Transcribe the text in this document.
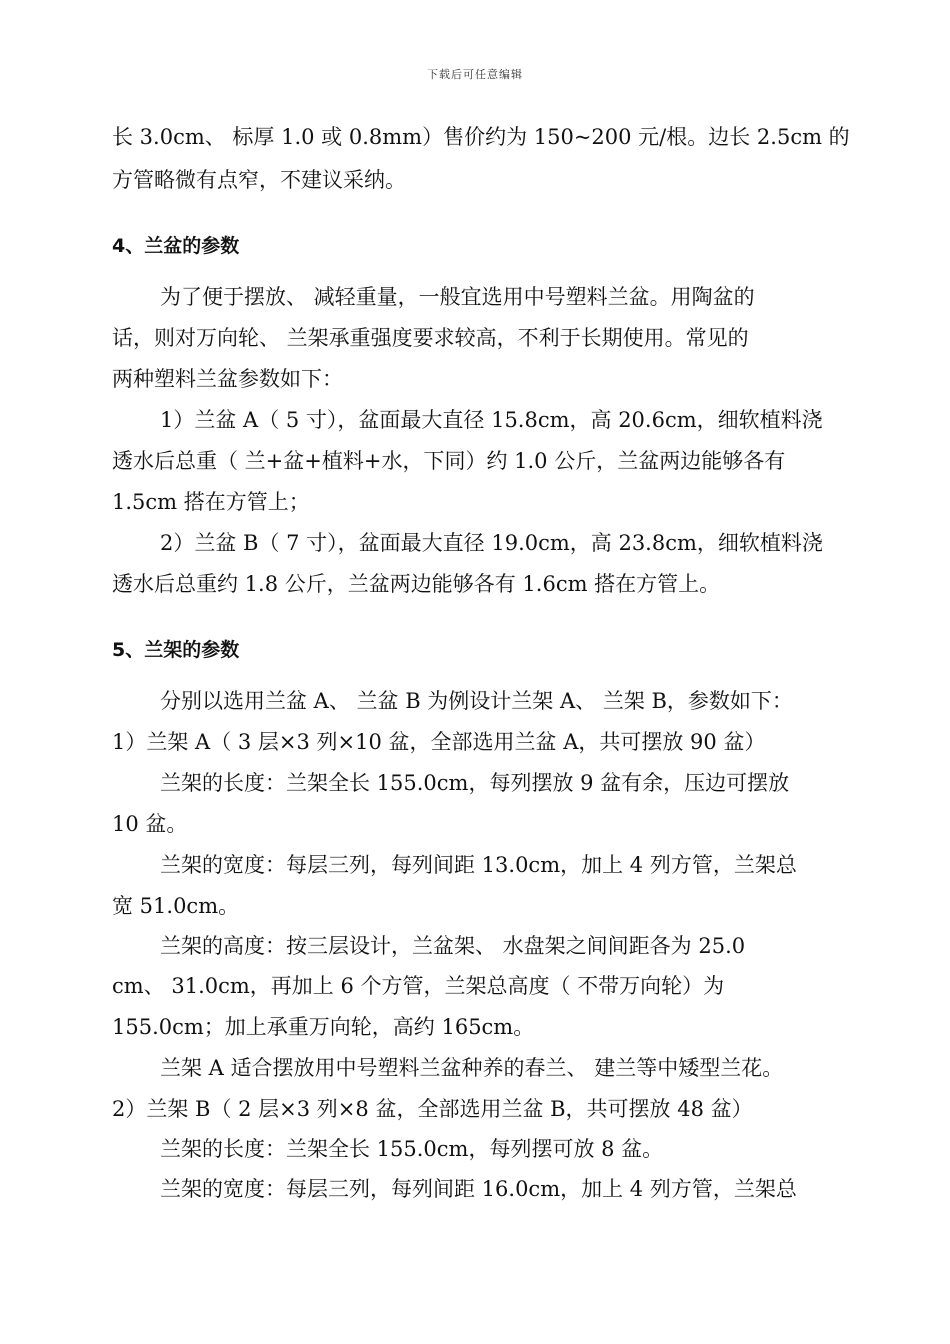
下载后可任意编辑
长 3.0cm、 标厚 1.0 或 0.8mm）售价约为 150~200 元/根。边长 2.5cm 的
方管略微有点窄，不建议采纳。
4、兰盆的参数
为了便于摆放、 减轻重量，一般宜选用中号塑料兰盆。用陶盆的
话，则对万向轮、 兰架承重强度要求较高，不利于长期使用。常见的
两种塑料兰盆参数如下：
1）兰盆 A（ 5 寸），盆面最大直径 15.8cm，高 20.6cm，细软植料浇
透水后总重（ 兰+盆+植料+水，下同）约 1.0 公斤，兰盆两边能够各有
1.5cm 搭在方管上；
2）兰盆 B（ 7 寸），盆面最大直径 19.0cm，高 23.8cm，细软植料浇
透水后总重约 1.8 公斤，兰盆两边能够各有 1.6cm 搭在方管上。
5、兰架的参数
分别以选用兰盆 A、 兰盆 B 为例设计兰架 A、 兰架 B，参数如下：
1）兰架 A（ 3 层×3 列×10 盆，全部选用兰盆 A，共可摆放 90 盆）
兰架的长度：兰架全长 155.0cm，每列摆放 9 盆有余，压边可摆放
10 盆。
兰架的宽度：每层三列，每列间距 13.0cm，加上 4 列方管，兰架总
宽 51.0cm。
兰架的高度：按三层设计，兰盆架、 水盘架之间间距各为 25.0
cm、 31.0cm，再加上 6 个方管，兰架总高度（ 不带万向轮）为
155.0cm；加上承重万向轮，高约 165cm。
兰架 A 适合摆放用中号塑料兰盆种养的春兰、 建兰等中矮型兰花。
2）兰架 B（ 2 层×3 列×8 盆，全部选用兰盆 B，共可摆放 48 盆）
兰架的长度：兰架全长 155.0cm，每列摆可放 8 盆。
兰架的宽度：每层三列，每列间距 16.0cm，加上 4 列方管，兰架总
